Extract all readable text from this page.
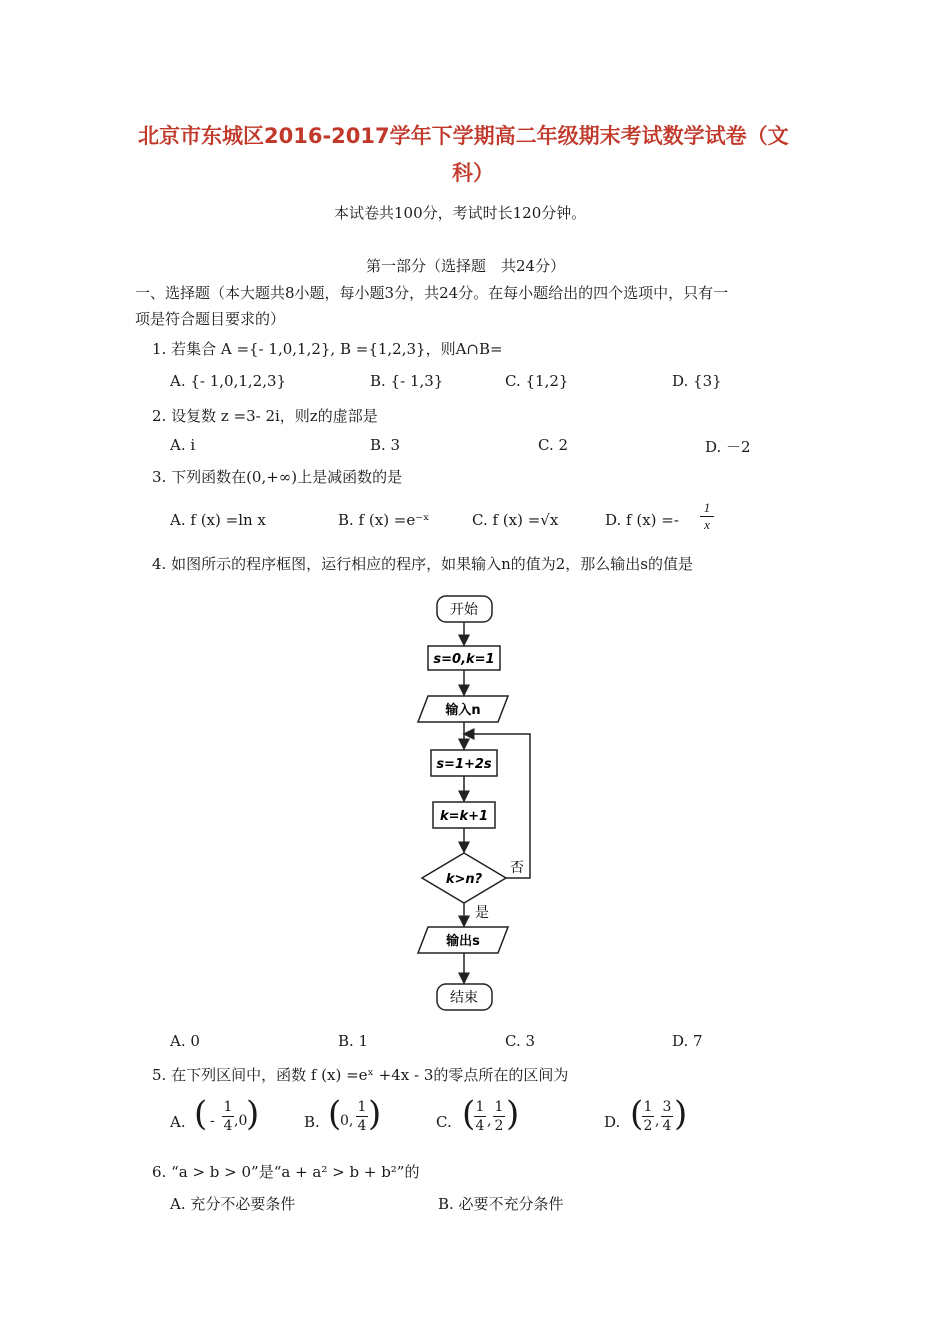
北京市东城区2016-2017学年下学期高二年级期末考试数学试卷（文
科）
本试卷共100分，考试时长120分钟。
第一部分（选择题　共24分）
一、选择题（本大题共8小题，每小题3分，共24分。在每小题给出的四个选项中，只有一
项是符合题目要求的）
1. 若集合 A ={- 1,0,1,2}, B ={1,2,3}，则A∩B=
A. {- 1,0,1,2,3}	B. {- 1,3}	C. {1,2}	D. {3}
2. 设复数 z =3- 2i，则z的虚部是
A. i	B. 3	C. 2	D. －2
3. 下列函数在(0,+∞)上是减函数的是
A. f (x) =ln x	B. f (x) =e⁻ˣ	C. f (x) =√x	D. f $(x) =- \frac{1}{x}$
4. 如图所示的程序框图，运行相应的程序，如果输入n的值为2，那么输出s的值是
开始
s=0,k=1
输入n
s=1+2s
k=k+1
k>n?
否
是
输出s
结束
A. 0	B. 1	C. 3	D. 7
5. 在下列区间中，函数 f (x) =eˣ +4x - 3的零点所在的区间为
A. ( - $\frac{1}{4} ,0$
)	B. (
0, $\frac{1}{4}$ )	C. (
$\frac{1}{4}$ , $\frac{1}{2}$ )	D. (
$\frac{1}{2}$ , $\frac{3}{4}$ )
6. “a > b > 0”是“a + a² > b + b²”的
A. 充分不必要条件	B. 必要不充分条件
